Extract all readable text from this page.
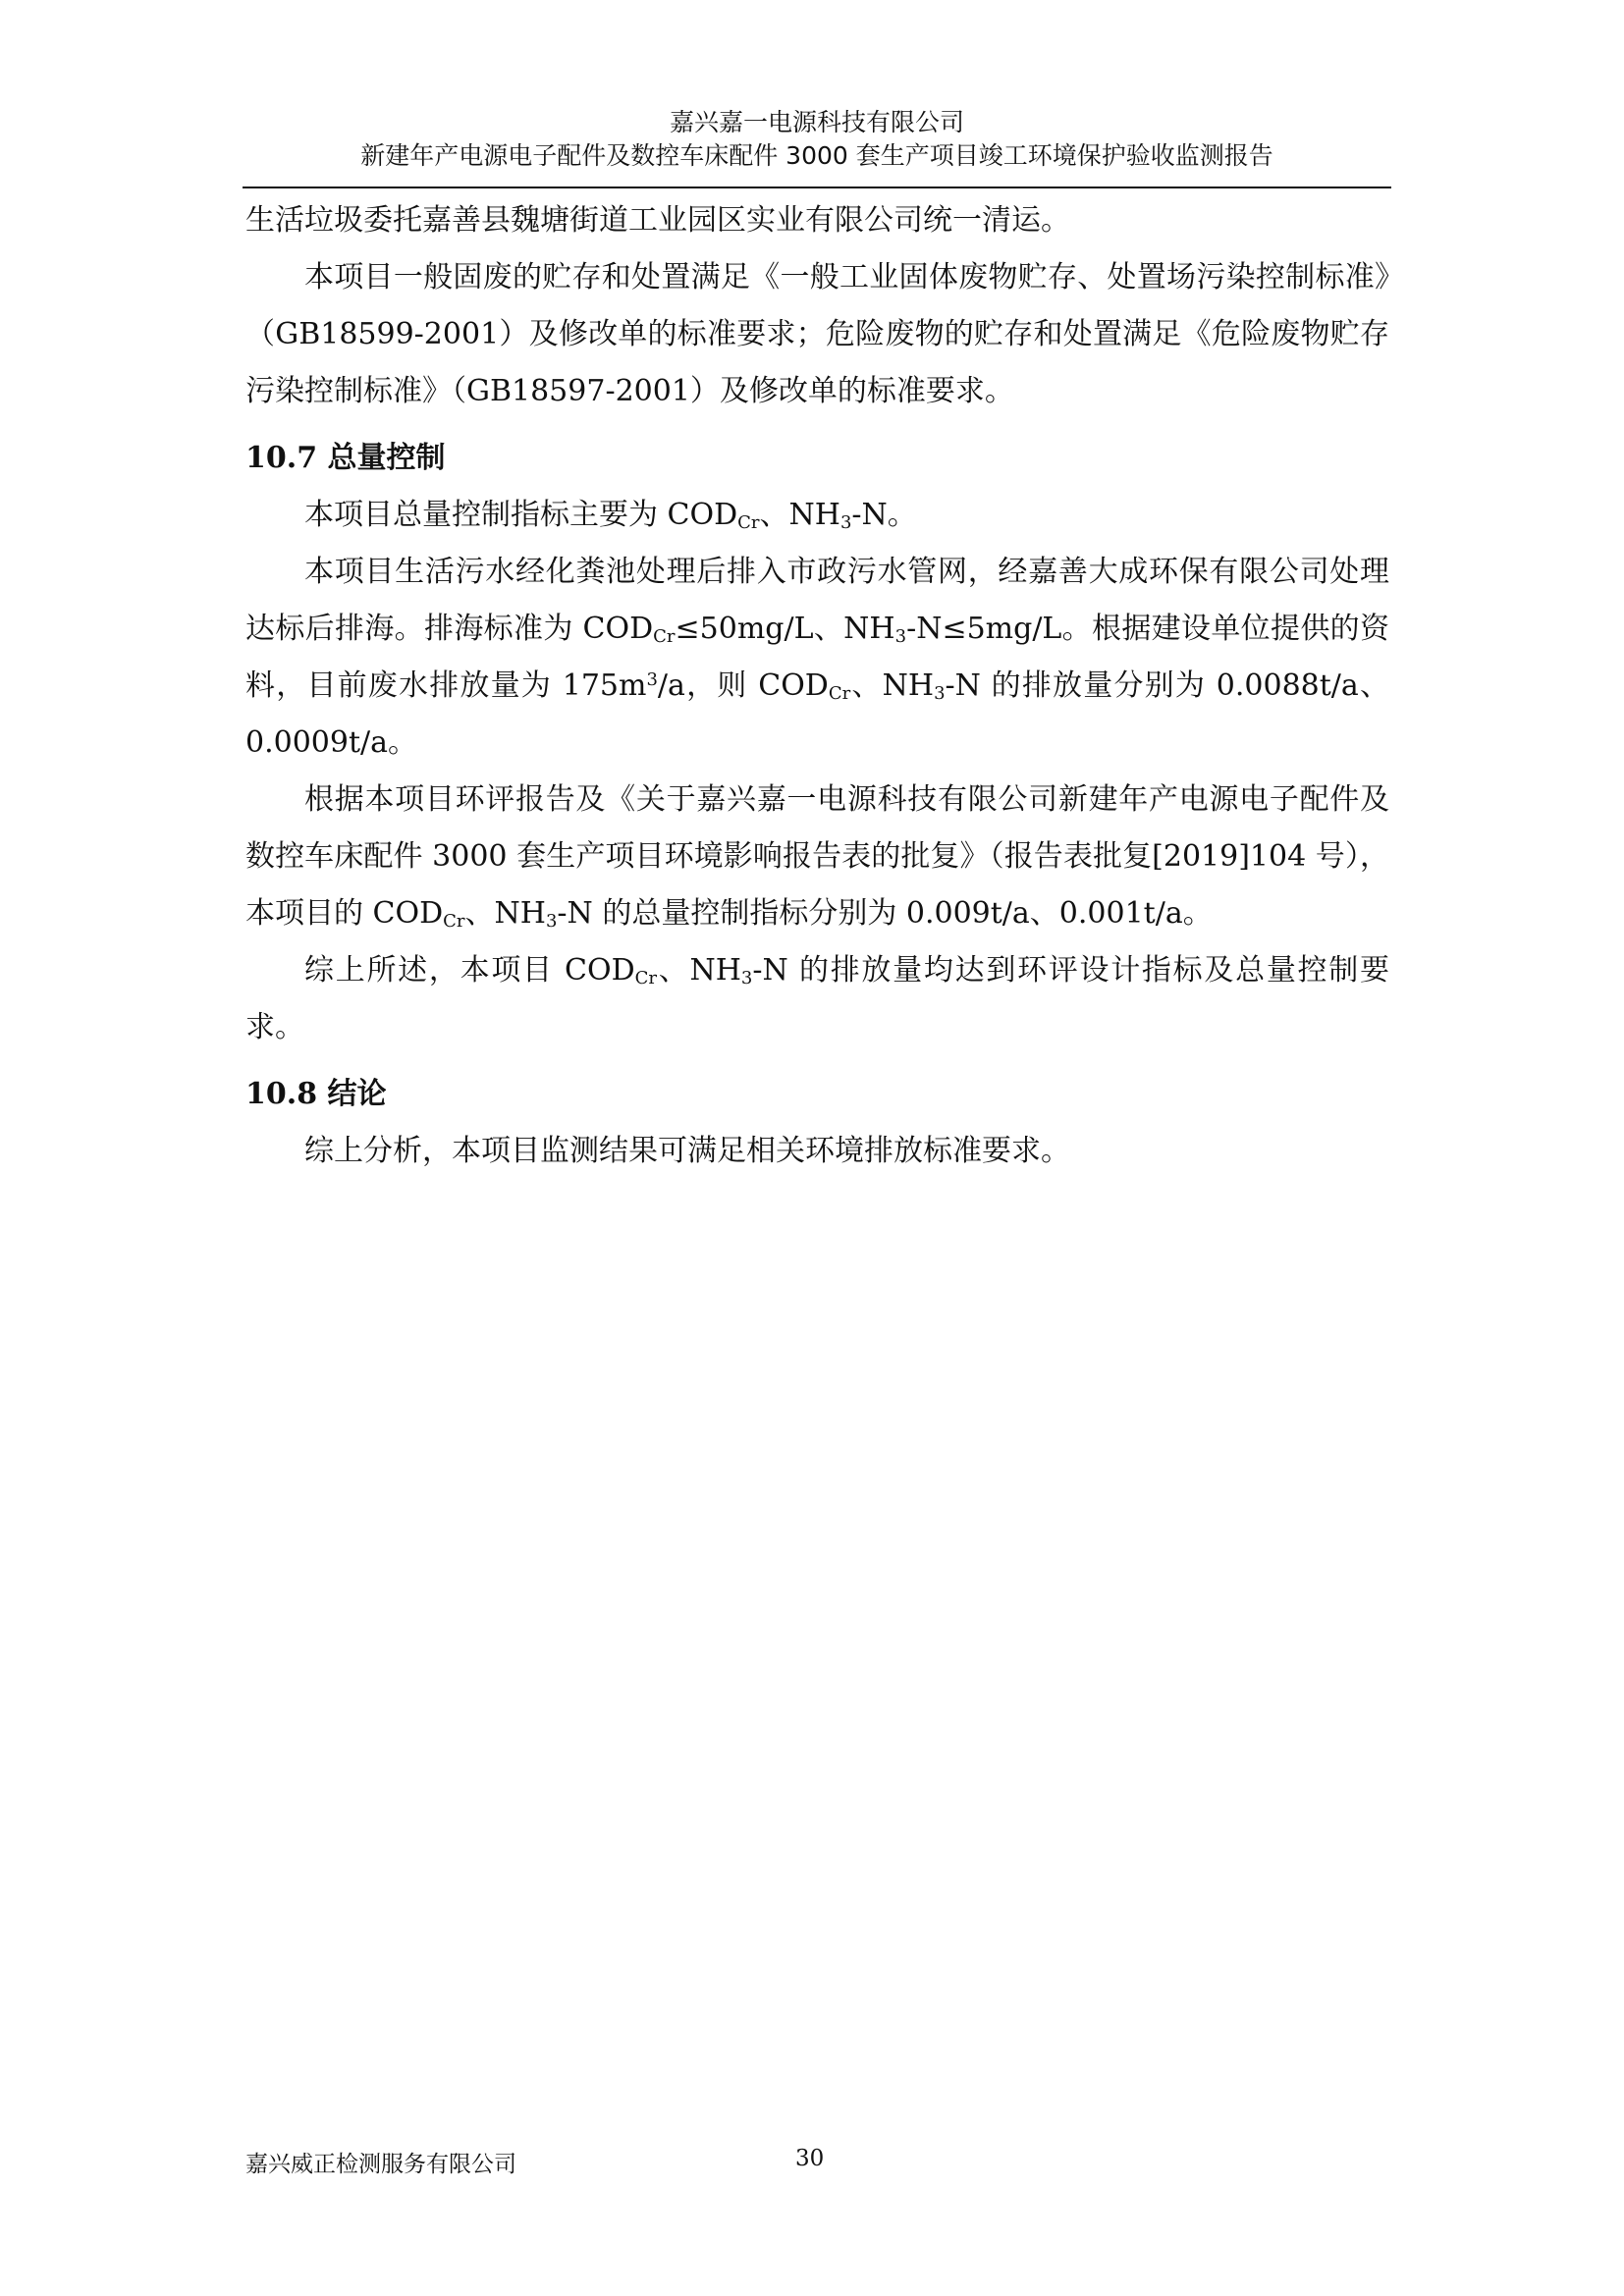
嘉兴嘉一电源科技有限公司
新建年产电源电子配件及数控车床配件 3000 套生产项目竣工环境保护验收监测报告

生活垃圾委托嘉善县魏塘街道工业园区实业有限公司统一清运。

本项目一般固废的贮存和处置满足《一般工业固体废物贮存、处置场污染控制标准》（GB18599-2001）及修改单的标准要求；危险废物的贮存和处置满足《危险废物贮存污染控制标准》（GB18597-2001）及修改单的标准要求。

10.7 总量控制

本项目总量控制指标主要为 $COD_{Cr}$、$NH_3-N$。

本项目生活污水经化粪池处理后排入市政污水管网，经嘉善大成环保有限公司处理达标后排海。排海标准为 $COD_{Cr}\le 50mg/L$、$NH_3-N\le 5mg/L$。根据建设单位提供的资料，目前废水排放量为 $175m^3/a$，则 $COD_{Cr}$、$NH_3-N$ 的排放量分别为 0.0088t/a、0.0009t/a。

根据本项目环评报告及《关于嘉兴嘉一电源科技有限公司新建年产电源电子配件及数控车床配件 3000 套生产项目环境影响报告表的批复》（报告表批复[2019]104 号），本项目的 $COD_{Cr}$、$NH_3-N$ 的总量控制指标分别为 0.009t/a、0.001t/a。

综上所述，本项目 $COD_{Cr}$、$NH_3-N$ 的排放量均达到环评设计指标及总量控制要求。

10.8 结论

综上分析，本项目监测结果可满足相关环境排放标准要求。

嘉兴威正检测服务有限公司	30
